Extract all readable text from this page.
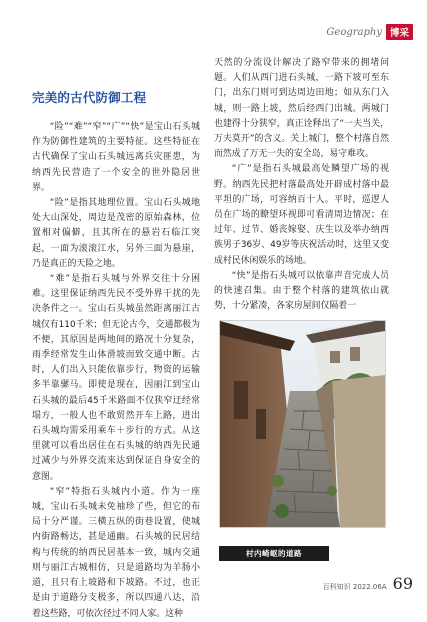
Geography 博采
完美的古代防御工程

“险”“难”“窄”“广”“快”是宝山石头城作为防御性建筑的主要特征。这些特征在古代确保了宝山石头城远离兵灾匪患，为纳西先民营造了一个安全的世外隐居世界。

“险”是指其地理位置。宝山石头城地处大山深处，周边是茂密的原始森林，位置相对偏僻，且其所在的悬岩石临江突起，一面为滚滚江水，另外三面为悬崖，乃是真正的天险之地。

“难”是指石头城与外界交往十分困难。这里保证纳西先民不受外界干扰的先决条件之一。宝山石头城虽然距离丽江古城仅有110千米；但无论古今，交通都极为不便，其原因是两地间的路况十分复杂，雨季经常发生山体滑坡而致交通中断。古时，人们出入只能依靠步行，物资的运输多半靠骡马。即使是现在，因丽江到宝山石头城的最后45千米路面不仅狭窄迂经常塌方，一般人也不敢贸然开车上路，进出石头城均需采用乘车＋步行的方式。从这里就可以看出居住在石头城的纳西先民通过减少与外界交流来达到保证自身安全的意图。

“窄”特指石头城内小道。作为一座城，宝山石头城未免袖珍了些，但它的布局十分严谨。三横五纵的街巷设置，使城内街路畅达，甚是通幽。石头城的民居结构与传统的纳西民居基本一致，城内交通则与丽江古城相仿，只是道路均为羊肠小道，且只有上坡路和下坡路。不过，也正是由于道路分支极多，所以四通八达，沿着这些路，可依次径过不同人家。这种

天然的分流设计解决了路窄带来的拥堵问题。人们从西门进石头城，一路下坡可至东门，出东门则可到达周边田地；如从东门入城，则一路上坡，然后经西门出城。两城门也建得十分狭窄，真正诠释出了“一夫当关，万夫莫开”的含义。关上城门，整个村落自然而然成了万无一失的安全岛，易守难攻。

“广”是指石头城最高处鳞望广场的视野。纳西先民把村落最高处开辟成村落中最平坦的广场，可容纳百十人。平时，巡逻人员在广场的瞭望环视即可看清周边情况；在过年、过节、婚丧嫁娶、庆生以及举办纳西族男子36岁、49岁等庆祝活动时，这里又变成村民休闲娱乐的场地。

“快”是指石头城可以依靠声音完成人员的快速召集。由于整个村落的建筑依山就势，十分紧凑，各家房屋间仅隔着一

村内崎岖的道路
百科知识 2022.06A 69
